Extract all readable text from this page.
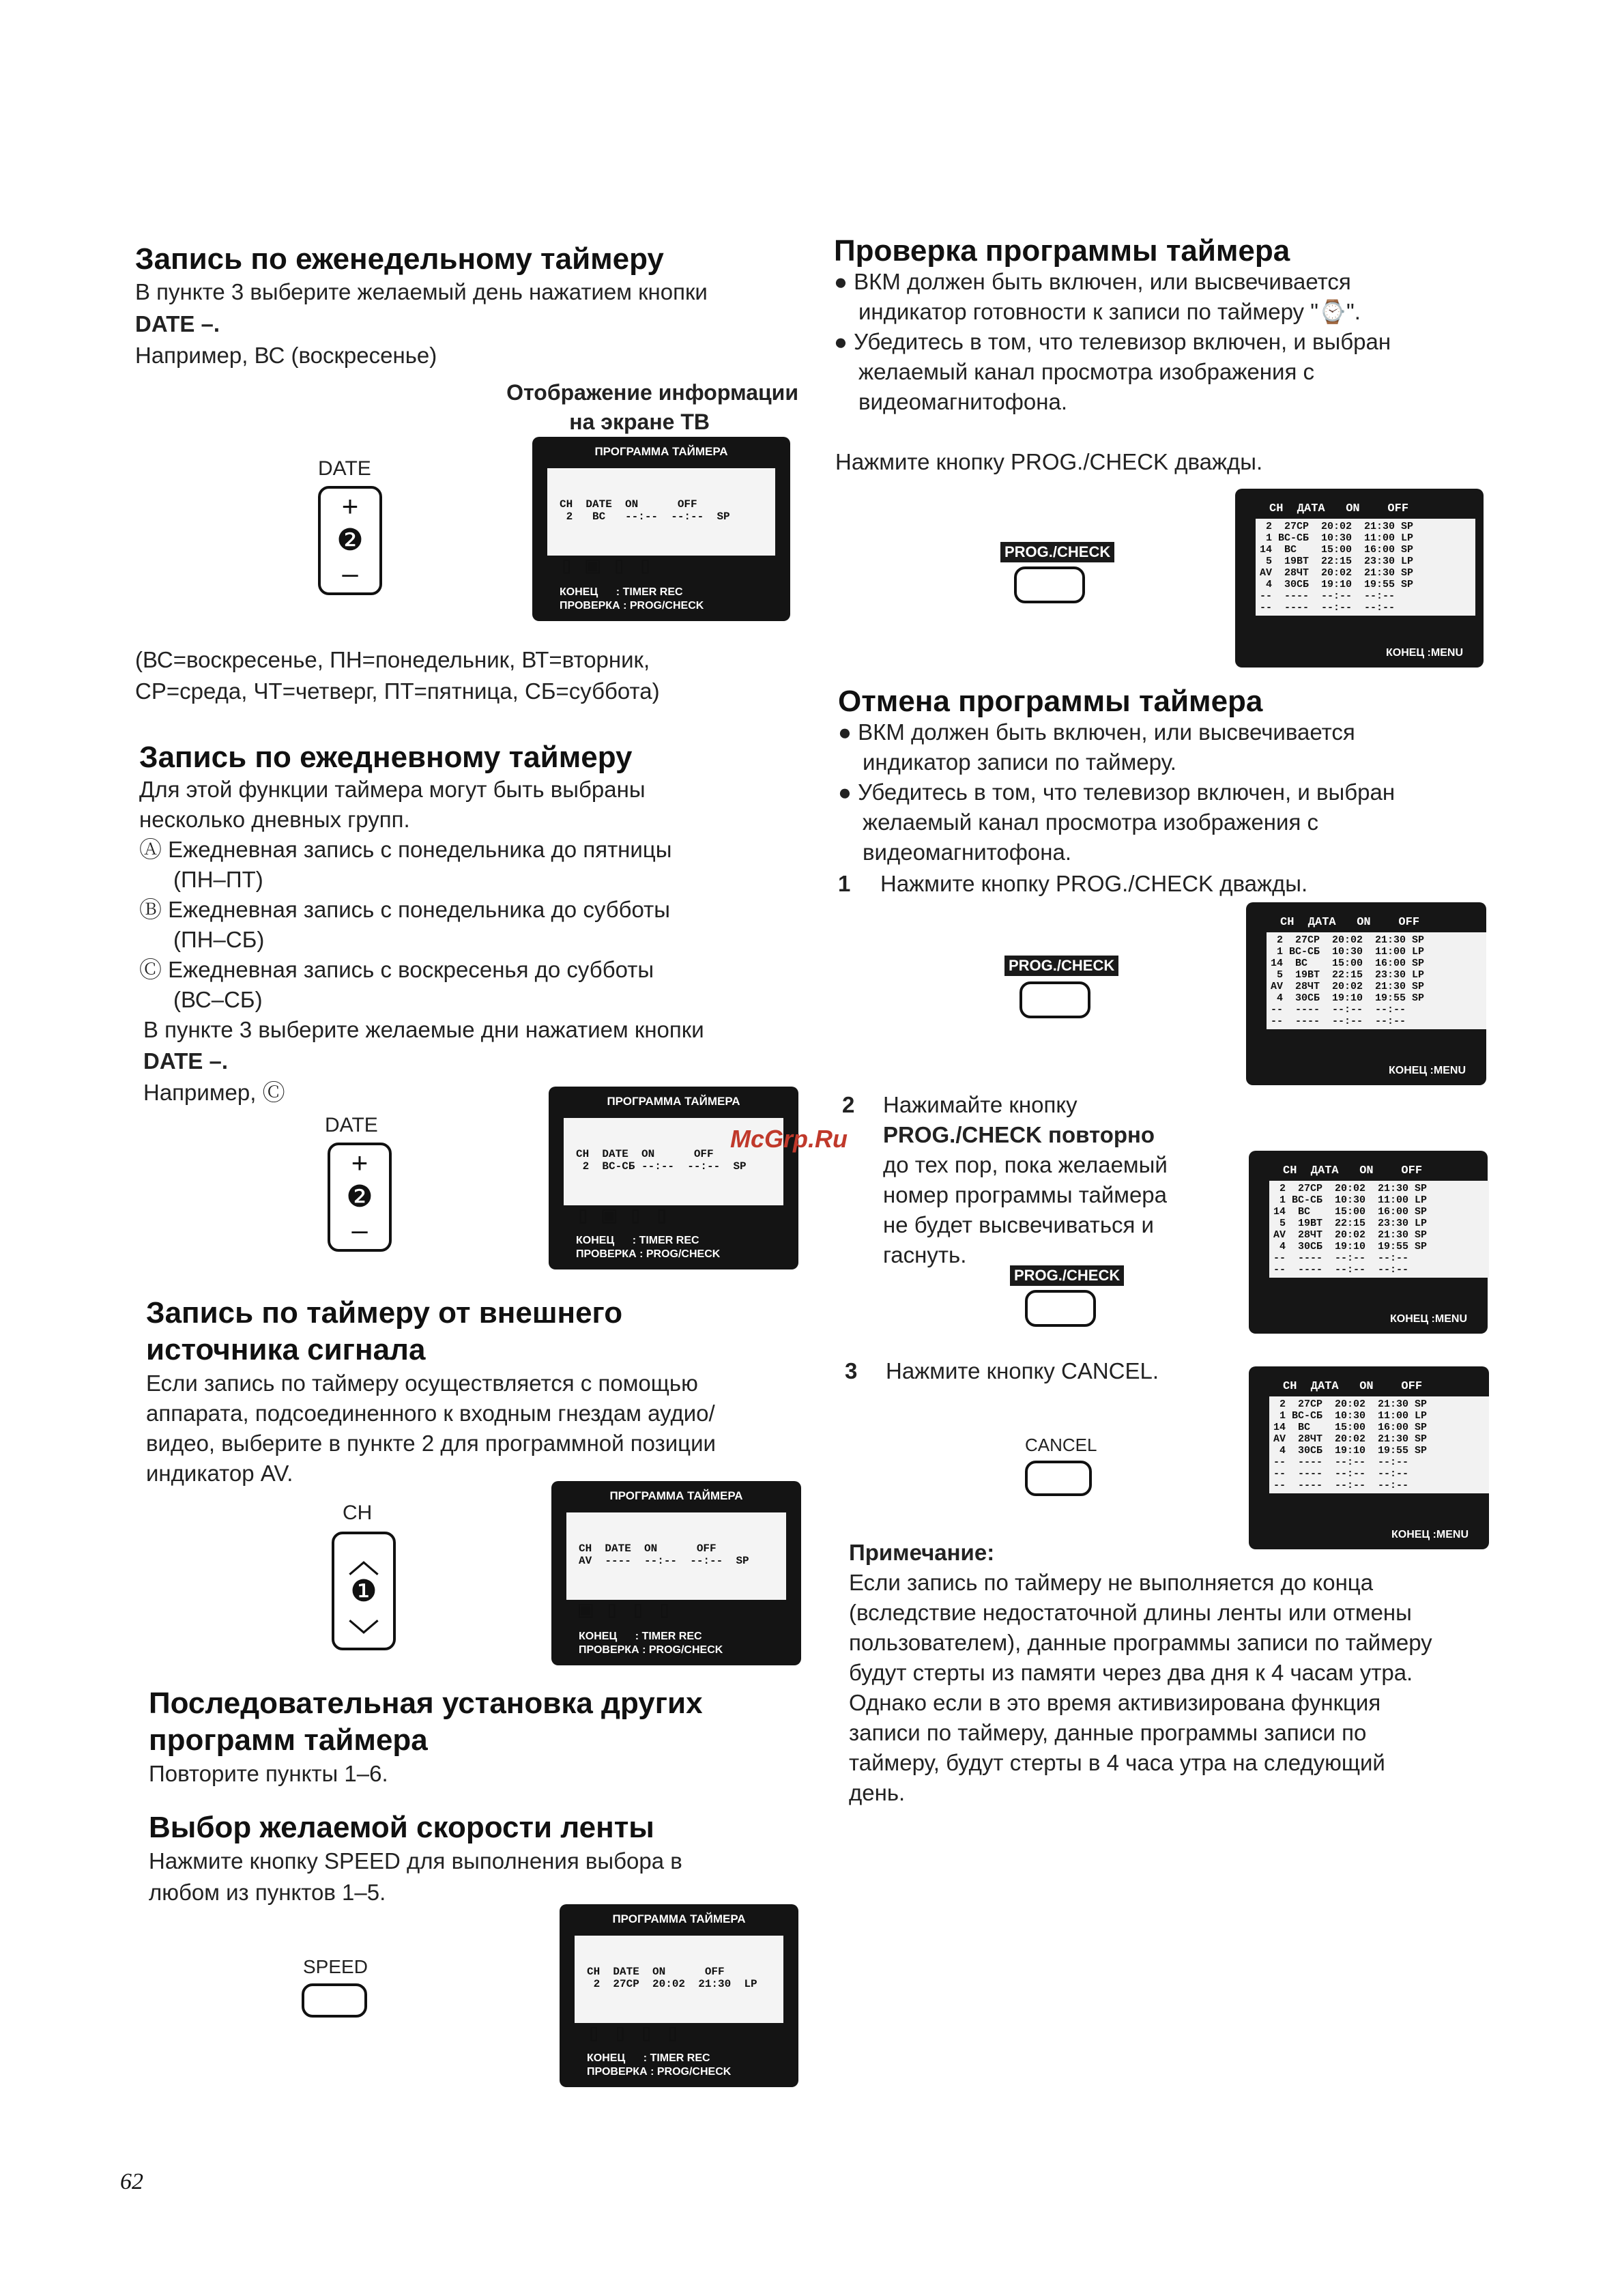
Запись по еженедельному таймеру
В пункте 3 выберите желаемый день нажатием кнопки
DATE –.
Например, ВС (воскресенье)
Отображение информации
на экране ТВ
DATE
+
❷
–
ПРОГРАММА ТАЙМЕРА

CH  DATE  ON      OFF
2   ВС   --:--  --:--  SP

▯▣▯▯

КОНЕЦ      : TIMER REC
ПРОВЕРКА : PROG/CHECK
(ВС=воскресенье, ПН=понедельник, ВТ=вторник,
СР=среда, ЧТ=четверг, ПТ=пятница, СБ=суббота)
Запись по ежедневному таймеру
Для этой функции таймера могут быть выбраны
несколько дневных групп.
Ⓐ Ежедневная запись с понедельника до пятницы
(ПН–ПТ)
Ⓑ Ежедневная запись с понедельника до субботы
(ПН–СБ)
Ⓒ Ежедневная запись с воскресенья до субботы
(ВС–СБ)
В пункте 3 выберите желаемые дни нажатием кнопки
DATE –.
Например, Ⓒ
DATE
+
❷
–
ПРОГРАММА ТАЙМЕРА

CH  DATE  ON      OFF
2  ВС-СБ --:--  --:--  SP

▯▣▯▯

КОНЕЦ      : TIMER REC
ПРОВЕРКА : PROG/CHECK
McGrp.Ru
Запись по таймеру от внешнего
источника сигнала
Если запись по таймеру осуществляется с помощью
аппарата, подсоединенного к входным гнездам аудио/
видео, выберите в пункте 2 для программной позиции
индикатор AV.
CH
︿
❶
﹀
ПРОГРАММА ТАЙМЕРА

CH  DATE  ON      OFF
AV  ----  --:--  --:--  SP

▣▯▯▯

КОНЕЦ      : TIMER REC
ПРОВЕРКА : PROG/CHECK
Последовательная установка других
программ таймера
Повторите пункты 1–6.
Выбор желаемой скорости ленты
Нажмите кнопку SPEED для выполнения выбора в
любом из пунктов 1–5.
SPEED
ПРОГРАММА ТАЙМЕРА

CH  DATE  ON      OFF
2  27СР  20:02  21:30  LP

▯▯▯▯

КОНЕЦ      : TIMER REC
ПРОВЕРКА : PROG/CHECK
62
Проверка программы таймера
● ВКМ должен быть включен, или высвечивается
индикатор готовности к записи по таймеру "⌚".
● Убедитесь в том, что телевизор включен, и выбран
желаемый канал просмотра изображения с
видеомагнитофона.
Нажмите кнопку PROG./CHECK дважды.
PROG./CHECK
CH  ДАТА   ON    OFF
2  27СР  20:02  21:30 SP
1 ВС-СБ  10:30  11:00 LP
14  ВС    15:00  16:00 SP
5  19ВТ  22:15  23:30 LP
AV  28ЧТ  20:02  21:30 SP
4  30СБ  19:10  19:55 SP
--  ----  --:--  --:--
--  ----  --:--  --:--
КОНЕЦ :MENU
Отмена программы таймера
● ВКМ должен быть включен, или высвечивается
индикатор записи по таймеру.
● Убедитесь в том, что телевизор включен, и выбран
желаемый канал просмотра изображения с
видеомагнитофона.
1 Нажмите кнопку PROG./CHECK дважды.
PROG./CHECK
CH  ДАТА   ON    OFF
2  27СР  20:02  21:30 SP
1 ВС-СБ  10:30  11:00 LP
14  ВС    15:00  16:00 SP
5  19ВТ  22:15  23:30 LP
AV  28ЧТ  20:02  21:30 SP
4  30СБ  19:10  19:55 SP
--  ----  --:--  --:--
--  ----  --:--  --:--
КОНЕЦ :MENU
2 Нажимайте кнопку
PROG./CHECK повторно
до тех пор, пока желаемый
номер программы таймера
не будет высвечиваться и
гаснуть.
PROG./CHECK
CH  ДАТА   ON    OFF
2  27СР  20:02  21:30 SP
1 ВС-СБ  10:30  11:00 LP
14  ВС    15:00  16:00 SP
5  19ВТ  22:15  23:30 LP
AV  28ЧТ  20:02  21:30 SP
4  30СБ  19:10  19:55 SP
--  ----  --:--  --:--
--  ----  --:--  --:--
КОНЕЦ :MENU
3 Нажмите кнопку CANCEL.
CANCEL
CH  ДАТА   ON    OFF
2  27СР  20:02  21:30 SP
1 ВС-СБ  10:30  11:00 LP
14  ВС    15:00  16:00 SP
AV  28ЧТ  20:02  21:30 SP
4  30СБ  19:10  19:55 SP
--  ----  --:--  --:--
--  ----  --:--  --:--
--  ----  --:--  --:--
КОНЕЦ :MENU
Примечание:
Если запись по таймеру не выполняется до конца
(вследствие недостаточной длины ленты или отмены
пользователем), данные программы записи по таймеру
будут стерты из памяти через два дня к 4 часам утра.
Однако если в это время активизирована функция
записи по таймеру, данные программы записи по
таймеру, будут стерты в 4 часа утра на следующий
день.
